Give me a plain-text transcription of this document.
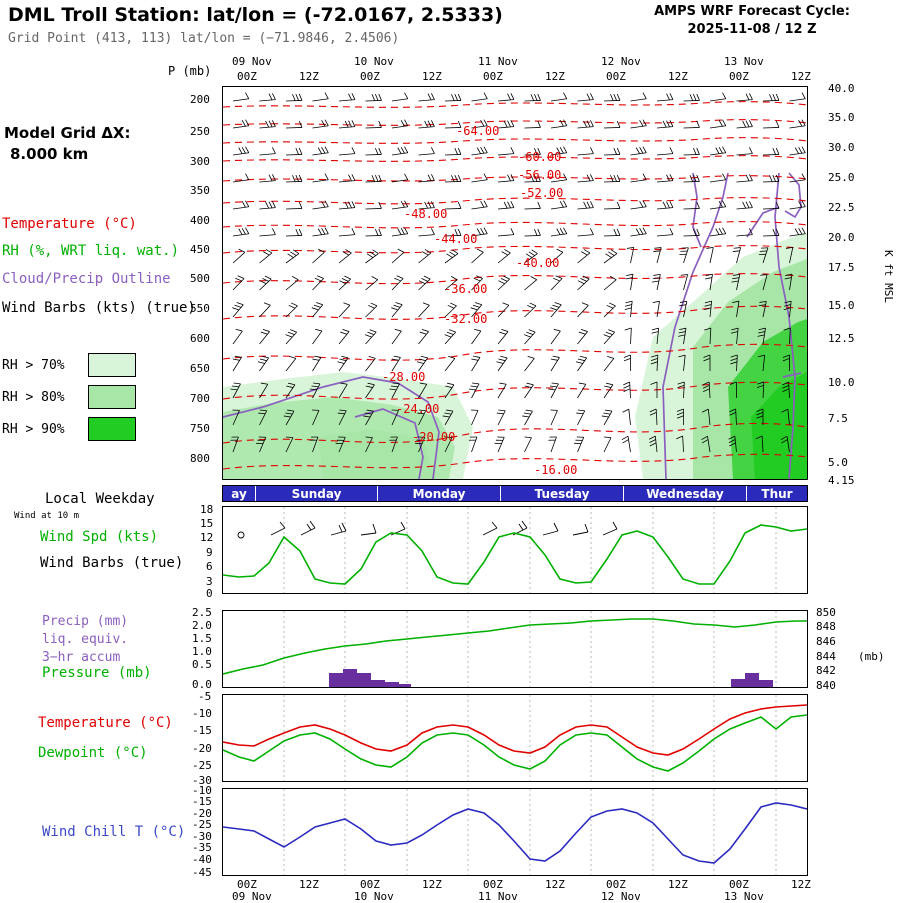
DML Troll Station: lat/lon = (-72.0167, 2.5333)
Grid Point (413, 113) lat/lon = (−71.9846, 2.4506)
AMPS WRF Forecast Cycle:
2025-11-08 / 12 Z
Model Grid ΔX:
8.000 km
Temperature (°C)
RH (%, WRT liq. wat.)
Cloud/Precip Outline
Wind Barbs (kts) (true)
RH > 70%
RH > 80%
RH > 90%
Local Weekday
Wind at 10 m
Wind Spd (kts)
Wind Barbs (true)
Precip (mm)
liq. equiv.
3−hr accum
Pressure (mb)
Temperature (°C)
Dewpoint (°C)
Wind Chill T (°C)
P (mb)
09 Nov	10 Nov	11 Nov	12 Nov	13 Nov
00Z	12Z	00Z	12Z	00Z	12Z	00Z	12Z	00Z	12Z
-64.00
-60.00
-56.00
-52.00
-48.00
-44.00
-40.00
-36.00
-32.00
-28.00
-24.00
-20.00
-16.00
200
250
300
350
400
450
500
550
600
650
700
750
800
40.0
35.0
30.0
25.0
22.5
20.0
17.5
15.0
12.5
10.0
7.5
5.0
4.15
K ft MSL
ay	Sunday	Monday	Tuesday	Wednesday	Thur
18
15
12
9
6
3
0
2.5
2.0
1.5
1.0
0.5
0.0
850
848
846
844
842
840
(mb)
-5
-10
-15
-20
-25
-30
-10
-15
-20
-25
-30
-35
-40
-45
00Z	12Z	00Z	12Z	00Z	12Z	00Z	12Z	00Z	12Z
09 Nov	10 Nov	11 Nov	12 Nov	13 Nov
